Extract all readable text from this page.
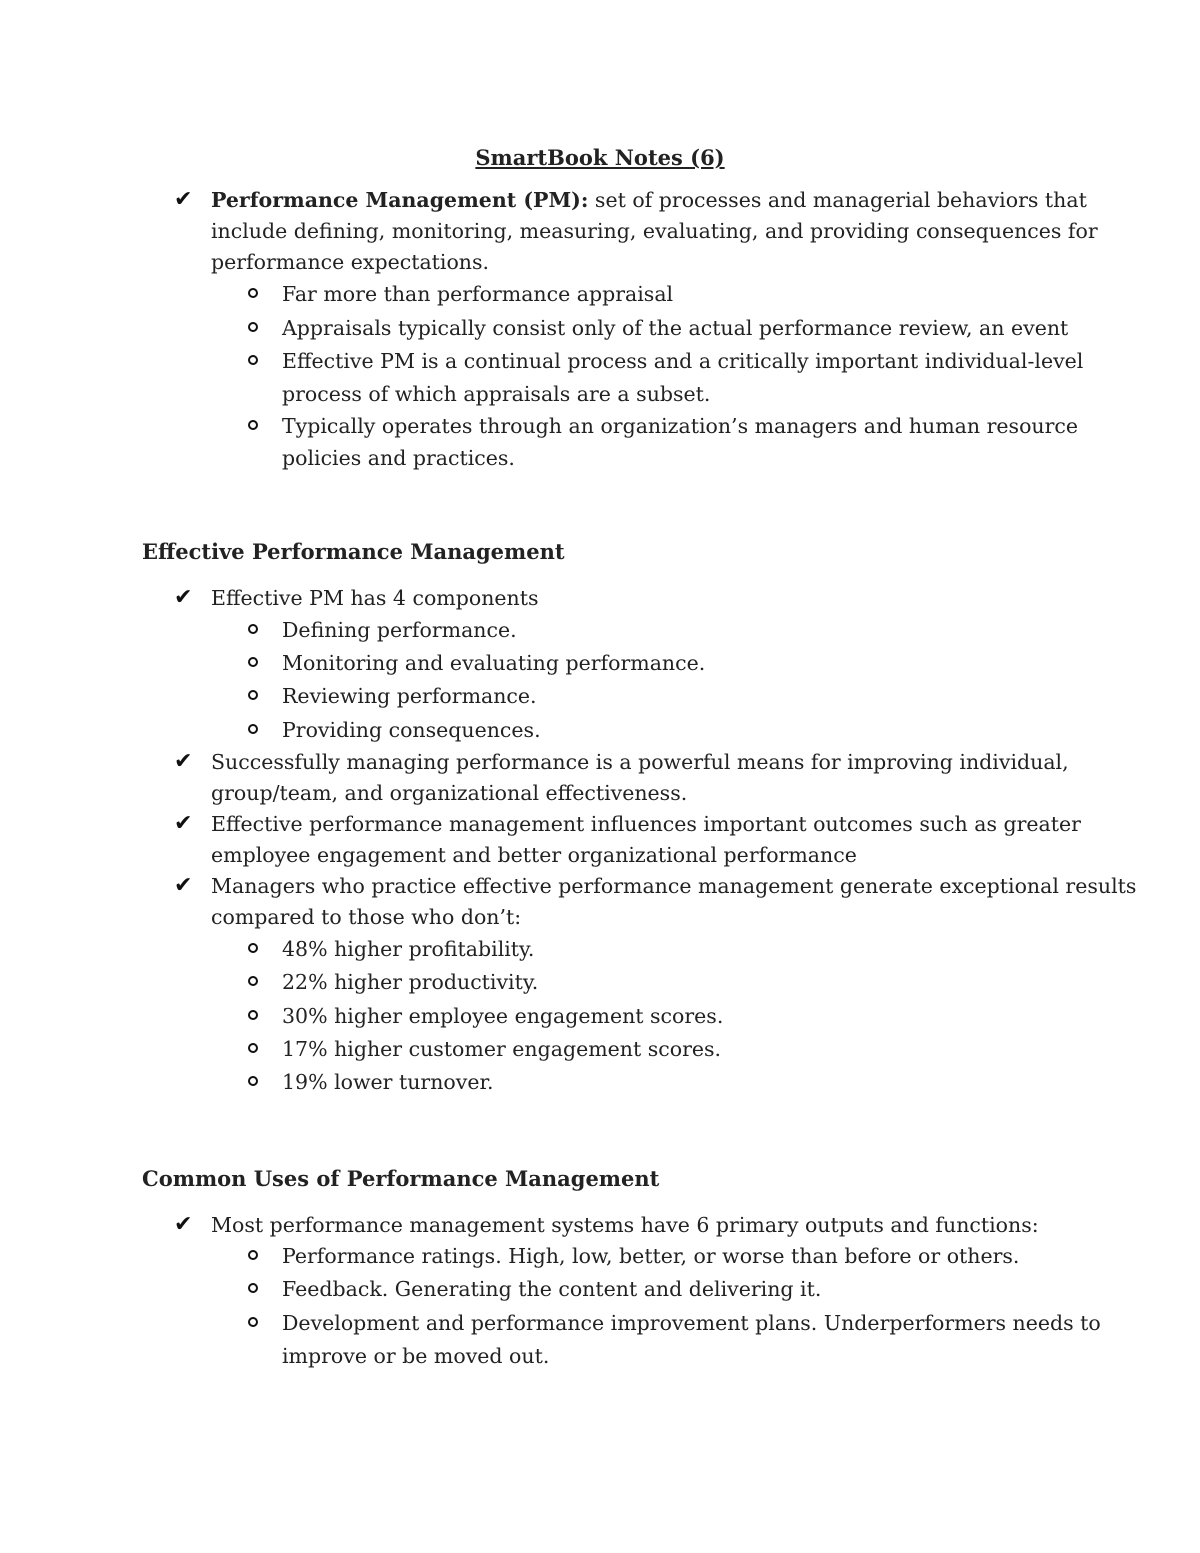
SmartBook Notes (6)
✔ Performance Management (PM): set of processes and managerial behaviors that
include defining, monitoring, measuring, evaluating, and providing consequences for
performance expectations.
Far more than performance appraisal
Appraisals typically consist only of the actual performance review, an event
Effective PM is a continual process and a critically important individual-level
process of which appraisals are a subset.
Typically operates through an organization’s managers and human resource
policies and practices.
Effective Performance Management
✔ Effective PM has 4 components
Defining performance.
Monitoring and evaluating performance.
Reviewing performance.
Providing consequences.
✔ Successfully managing performance is a powerful means for improving individual,
group/team, and organizational effectiveness.
✔ Effective performance management influences important outcomes such as greater
employee engagement and better organizational performance
✔ Managers who practice effective performance management generate exceptional results
compared to those who don’t:
48% higher profitability.
22% higher productivity.
30% higher employee engagement scores.
17% higher customer engagement scores.
19% lower turnover.
Common Uses of Performance Management
✔ Most performance management systems have 6 primary outputs and functions:
Performance ratings. High, low, better, or worse than before or others.
Feedback. Generating the content and delivering it.
Development and performance improvement plans. Underperformers needs to
improve or be moved out.
